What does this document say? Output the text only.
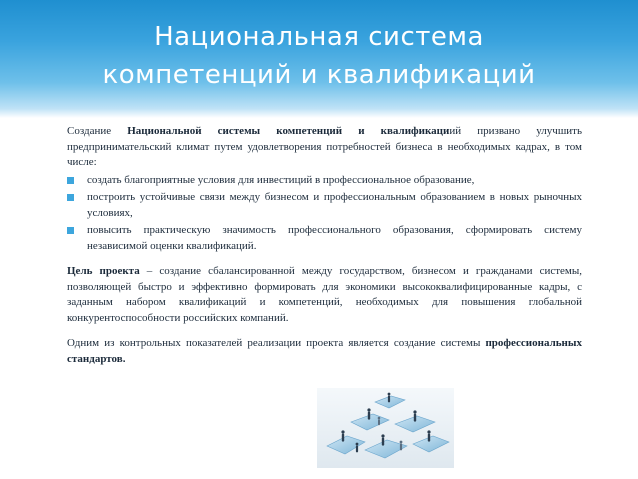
Национальная система
компетенций и квалификаций

Создание Национальной системы компетенций и квалификациий призвано улучшить предпринимательский климат путем удовлетворения потребностей бизнеса в необходимых кадрах, в том числе:

создать благоприятные условия для инвестиций в профессиональное образование,
построить устойчивые связи между бизнесом и профессиональным образованием в новых рыночных условиях,
повысить практическую значимость профессионального образования, сформировать систему независимой оценки квалификаций.

Цель проекта – создание сбалансированной между государством, бизнесом и гражданами системы, позволяющей быстро и эффективно формировать для экономики высококвалифицированные кадры, с заданным набором квалификаций и компетенций, необходимых для повышения глобальной конкурентоспособности российских компаний.

Одним из контрольных показателей реализации проекта является создание системы профессиональных стандартов.
